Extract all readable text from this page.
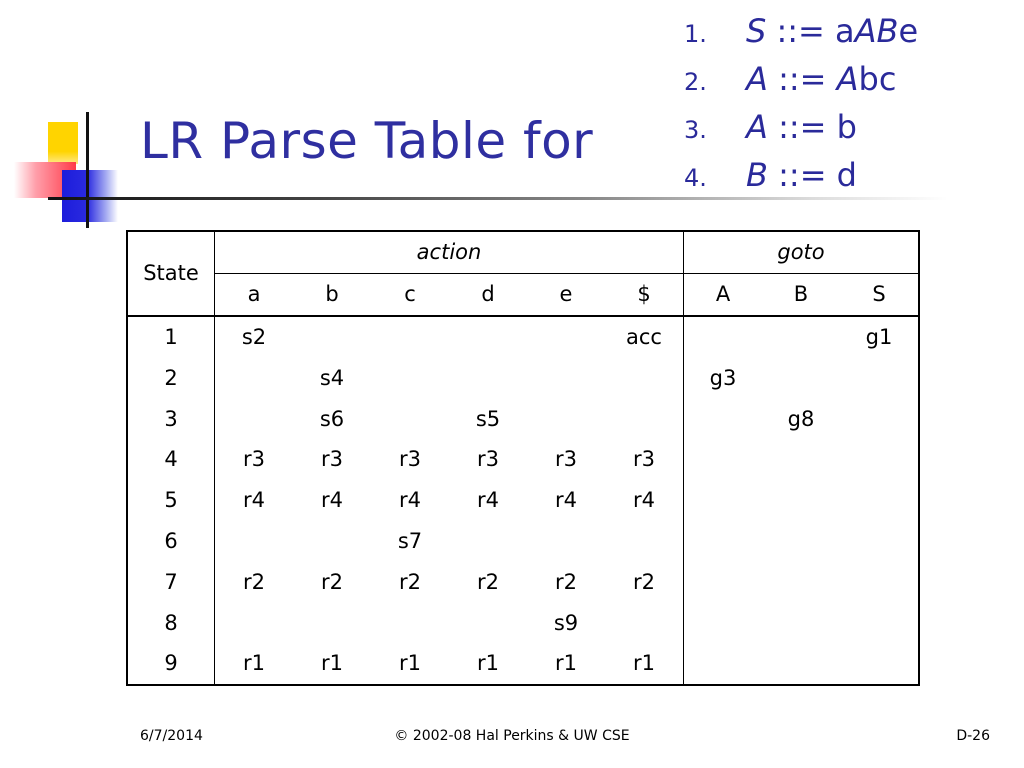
LR Parse Table for
1.	S ::= aABe
2.	A ::= Abc
3.	A ::= b
4.	B ::= d
State	action						goto		
	a	b	c	d	e	$	A	B	S
1	s2					acc			g1
2		s4					g3		
3		s6		s5				g8	
4	r3	r3	r3	r3	r3	r3			
5	r4	r4	r4	r4	r4	r4			
6			s7						
7	r2	r2	r2	r2	r2	r2			
8					s9				
9	r1	r1	r1	r1	r1	r1			
6/7/2014	© 2002-08 Hal Perkins & UW CSE	D-26
